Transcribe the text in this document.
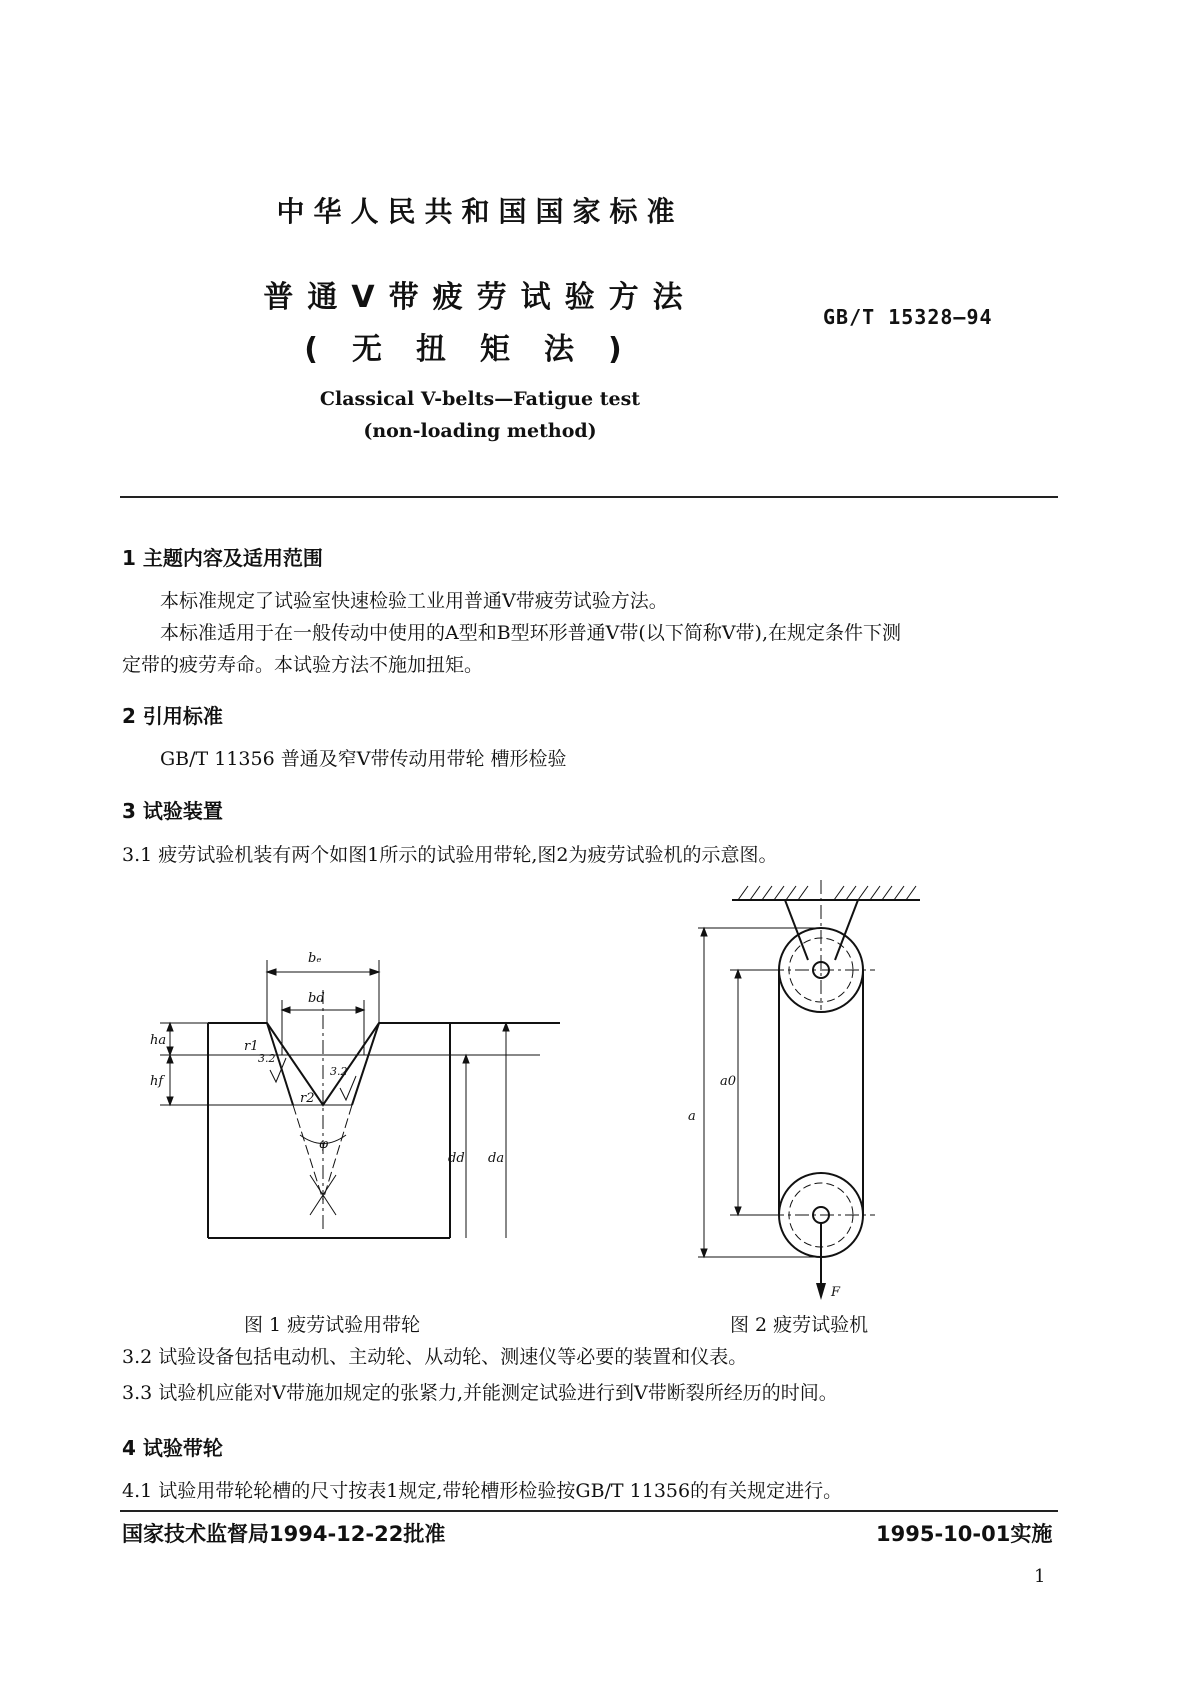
中华人民共和国国家标准
普通V带疲劳试验方法
(无扭矩法)
GB/T 15328—94
Classical V-belts—Fatigue test
(non-loading method)
1 主题内容及适用范围
本标准规定了试验室快速检验工业用普通V带疲劳试验方法。
本标准适用于在一般传动中使用的A型和B型环形普通V带(以下简称V带),在规定条件下测
定带的疲劳寿命。本试验方法不施加扭矩。
2 引用标准
GB/T 11356 普通及窄V带传动用带轮 槽形检验
3 试验装置
3.1 疲劳试验机装有两个如图1所示的试验用带轮,图2为疲劳试验机的示意图。
bₑ
bd
ha
hf
r1
r2
3.2
3.2
φ
dd da
a
a0
F
图 1 疲劳试验用带轮	图 2 疲劳试验机
3.2 试验设备包括电动机、主动轮、从动轮、测速仪等必要的装置和仪表。
3.3 试验机应能对V带施加规定的张紧力,并能测定试验进行到V带断裂所经历的时间。
4 试验带轮
4.1 试验用带轮轮槽的尺寸按表1规定,带轮槽形检验按GB/T 11356的有关规定进行。
国家技术监督局1994-12-22批准	1995-10-01实施
1
